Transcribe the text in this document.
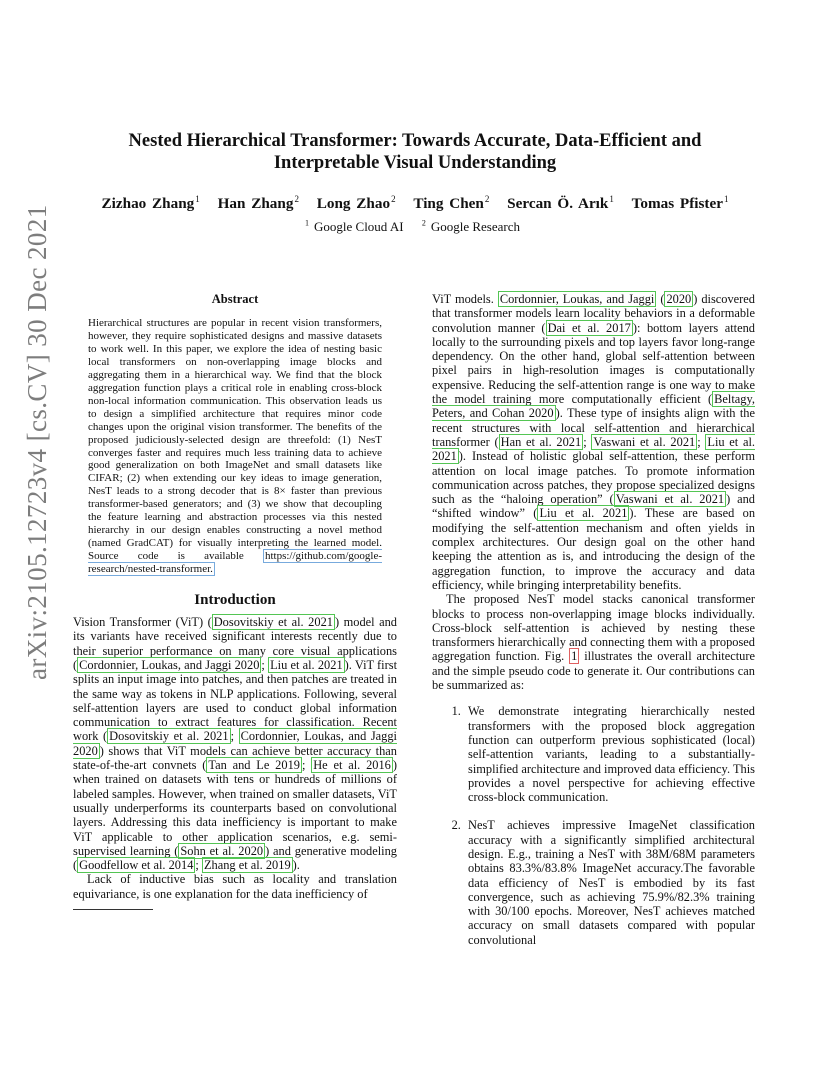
arXiv:2105.12723v4 [cs.CV] 30 Dec 2021
Nested Hierarchical Transformer: Towards Accurate, Data-Efficient and Interpretable Visual Understanding
Zizhao Zhang$^1$ Han Zhang$^2$ Long Zhao$^2$ Ting Chen$^2$ Sercan Ö. Arık$^1$ Tomas Pfister$^1$
$^1$ Google Cloud AI $^2$ Google Research
Abstract
Hierarchical structures are popular in recent vision transformers, however, they require sophisticated designs and massive datasets to work well. In this paper, we explore the idea of nesting basic local transformers on non-overlapping image blocks and aggregating them in a hierarchical way. We find that the block aggregation function plays a critical role in enabling cross-block non-local information communication. This observation leads us to design a simplified architecture that requires minor code changes upon the original vision transformer. The benefits of the proposed judiciously-selected design are threefold: (1) NesT converges faster and requires much less training data to achieve good generalization on both ImageNet and small datasets like CIFAR; (2) when extending our key ideas to image generation, NesT leads to a strong decoder that is 8× faster than previous transformer-based generators; and (3) we show that decoupling the feature learning and abstraction processes via this nested hierarchy in our design enables constructing a novel method (named GradCAT) for visually interpreting the learned model. Source code is available https://github.com/google-research/nested-transformer.
Introduction

Vision Transformer (ViT) ( Dosovitskiy et al. 2021 ) model and its variants have received significant interests recently due to their superior performance on many core visual applications ( Cordonnier, Loukas, and Jaggi 2020 ; Liu et al. 2021 ). ViT first splits an input image into patches, and then patches are treated in the same way as tokens in NLP applications. Following, several self-attention layers are used to conduct global information communication to extract features for classification. Recent work ( Dosovitskiy et al. 2021 ; Cordonnier, Loukas, and Jaggi 2020 ) shows that ViT models can achieve better accuracy than state-of-the-art convnets ( Tan and Le 2019 ; He et al. 2016 ) when trained on datasets with tens or hundreds of millions of labeled samples. However, when trained on smaller datasets, ViT usually underperforms its counterparts based on convolutional layers. Addressing this data inefficiency is important to make ViT applicable to other application scenarios, e.g. semi-supervised learning ( Sohn et al. 2020 ) and generative modeling ( Goodfellow et al. 2014 ; Zhang et al. 2019 ).

Lack of inductive bias such as locality and translation equivariance, is one explanation for the data inefficiency of

ViT models. Cordonnier, Loukas, and Jaggi ( 2020 ) discovered that transformer models learn locality behaviors in a deformable convolution manner ( Dai et al. 2017 ): bottom layers attend locally to the surrounding pixels and top layers favor long-range dependency. On the other hand, global self-attention between pixel pairs in high-resolution images is computationally expensive. Reducing the self-attention range is one way to make the model training more computationally efficient ( Beltagy, Peters, and Cohan 2020 ). These type of insights align with the recent structures with local self-attention and hierarchical transformer ( Han et al. 2021 ; Vaswani et al. 2021 ; Liu et al. 2021 ). Instead of holistic global self-attention, these perform attention on local image patches. To promote information communication across patches, they propose specialized designs such as the “haloing operation” ( Vaswani et al. 2021 ) and “shifted window” ( Liu et al. 2021 ). These are based on modifying the self-attention mechanism and often yields in complex architectures. Our design goal on the other hand keeping the attention as is, and introducing the design of the aggregation function, to improve the accuracy and data efficiency, while bringing interpretability benefits.

The proposed NesT model stacks canonical transformer blocks to process non-overlapping image blocks individually. Cross-block self-attention is achieved by nesting these transformers hierarchically and connecting them with a proposed aggregation function. Fig. 1 illustrates the overall architecture and the simple pseudo code to generate it. Our contributions can be summarized as:

1. We demonstrate integrating hierarchically nested transformers with the proposed block aggregation function can outperform previous sophisticated (local) self-attention variants, leading to a substantially-simplified architecture and improved data efficiency. This provides a novel perspective for achieving effective cross-block communication.
2. NesT achieves impressive ImageNet classification accuracy with a significantly simplified architectural design. E.g., training a NesT with 38M/68M parameters obtains 83.3%/83.8% ImageNet accuracy.The favorable data efficiency of NesT is embodied by its fast convergence, such as achieving 75.9%/82.3% training with 30/100 epochs. Moreover, NesT achieves matched accuracy on small datasets compared with popular convolutional
